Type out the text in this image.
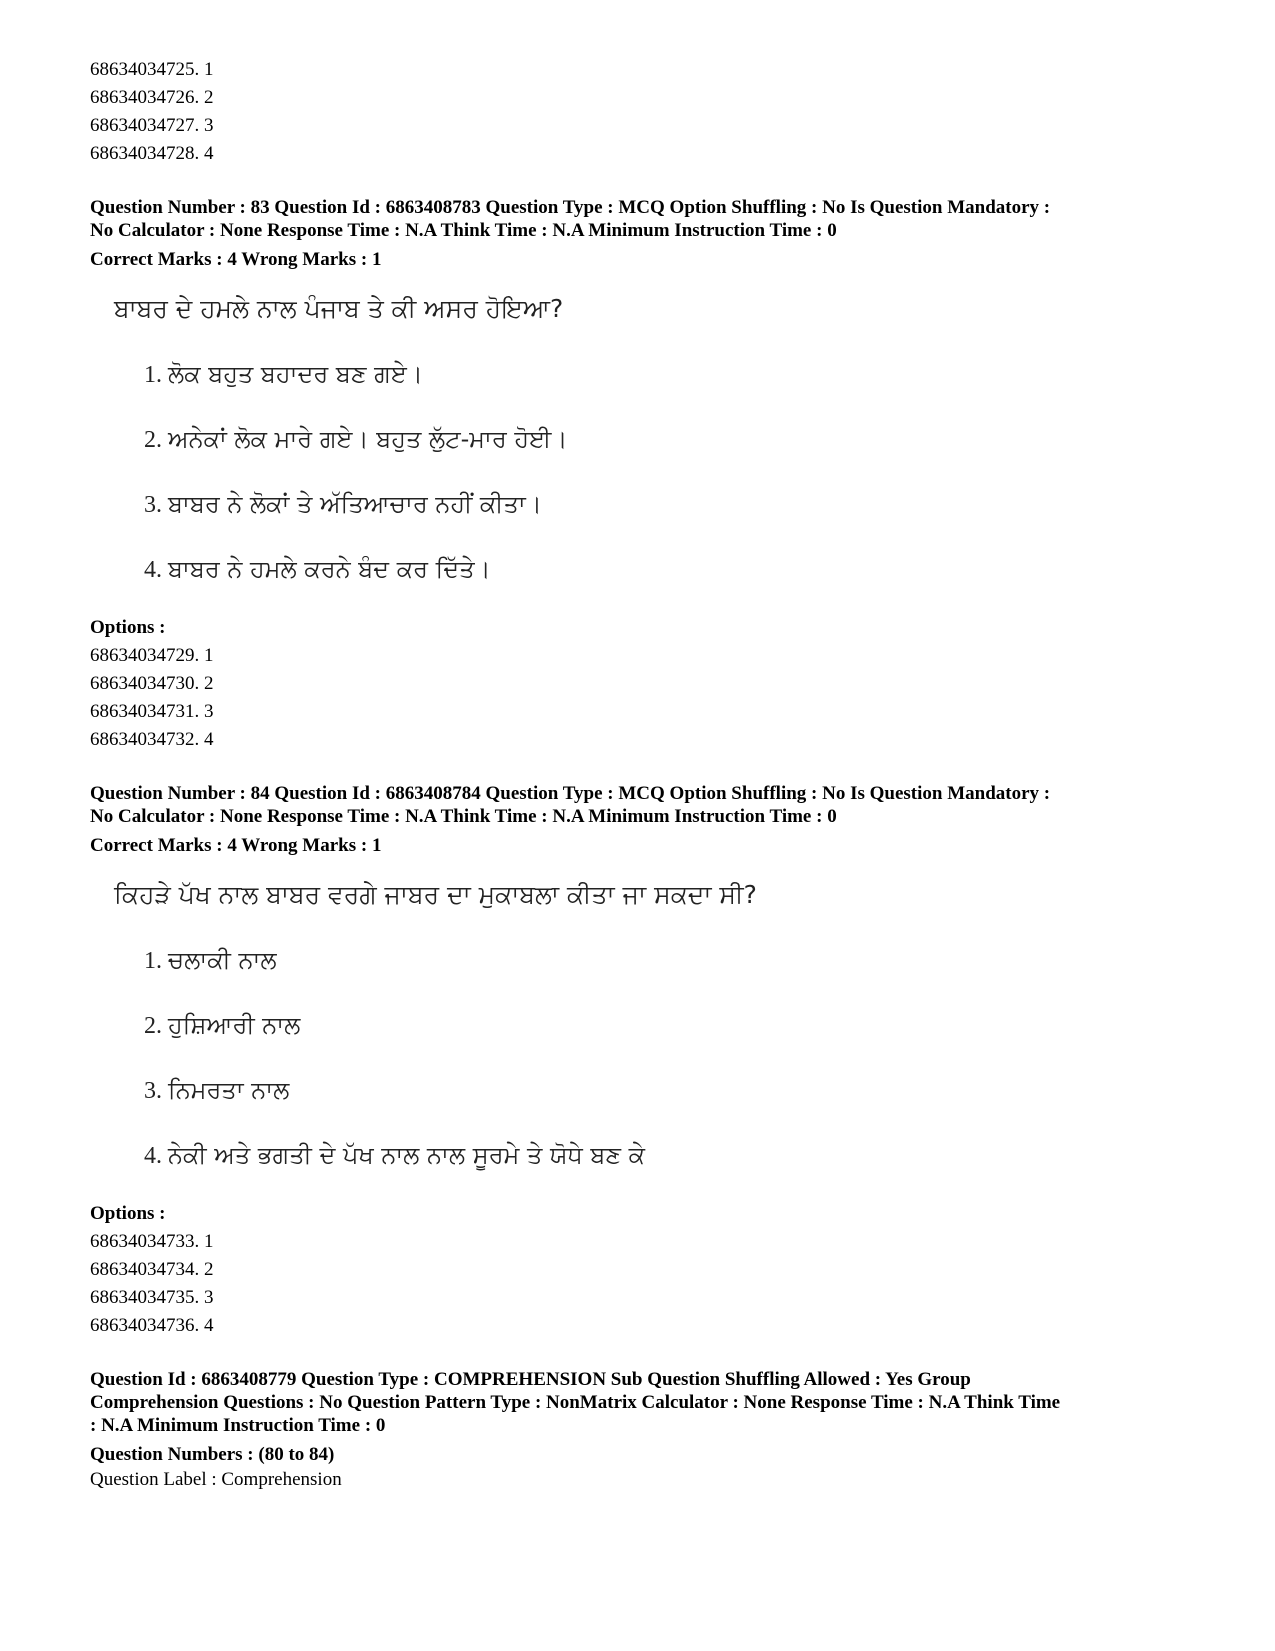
68634034725. 1

68634034726. 2

68634034727. 3

68634034728. 4

Question Number : 83 Question Id : 6863408783 Question Type : MCQ Option Shuffling : No Is Question Mandatory :

No Calculator : None Response Time : N.A Think Time : N.A Minimum Instruction Time : 0

Correct Marks : 4 Wrong Marks : 1

ਬਾਬਰ ਦੇ ਹਮਲੇ ਨਾਲ ਪੰਜਾਬ ਤੇ ਕੀ ਅਸਰ ਹੋਇਆ?

1. ਲੋਕ ਬਹੁਤ ਬਹਾਦਰ ਬਣ ਗਏ।

2. ਅਨੇਕਾਂ ਲੋਕ ਮਾਰੇ ਗਏ। ਬਹੁਤ ਲੁੱਟ-ਮਾਰ ਹੋਈ।

3. ਬਾਬਰ ਨੇ ਲੋਕਾਂ ਤੇ ਅੱਤਿਆਚਾਰ ਨਹੀਂ ਕੀਤਾ।

4. ਬਾਬਰ ਨੇ ਹਮਲੇ ਕਰਨੇ ਬੰਦ ਕਰ ਦਿੱਤੇ।

Options :

68634034729. 1

68634034730. 2

68634034731. 3

68634034732. 4

Question Number : 84 Question Id : 6863408784 Question Type : MCQ Option Shuffling : No Is Question Mandatory :

No Calculator : None Response Time : N.A Think Time : N.A Minimum Instruction Time : 0

Correct Marks : 4 Wrong Marks : 1

ਕਿਹੜੇ ਪੱਖ ਨਾਲ ਬਾਬਰ ਵਰਗੇ ਜਾਬਰ ਦਾ ਮੁਕਾਬਲਾ ਕੀਤਾ ਜਾ ਸਕਦਾ ਸੀ?

1. ਚਲਾਕੀ ਨਾਲ

2. ਹੁਸ਼ਿਆਰੀ ਨਾਲ

3. ਨਿਮਰਤਾ ਨਾਲ

4. ਨੇਕੀ ਅਤੇ ਭਗਤੀ ਦੇ ਪੱਖ ਨਾਲ ਨਾਲ ਸੂਰਮੇ ਤੇ ਯੋਧੇ ਬਣ ਕੇ

Options :

68634034733. 1

68634034734. 2

68634034735. 3

68634034736. 4

Question Id : 6863408779 Question Type : COMPREHENSION Sub Question Shuffling Allowed : Yes Group

Comprehension Questions : No Question Pattern Type : NonMatrix Calculator : None Response Time : N.A Think Time

: N.A Minimum Instruction Time : 0

Question Numbers : (80 to 84)

Question Label : Comprehension
